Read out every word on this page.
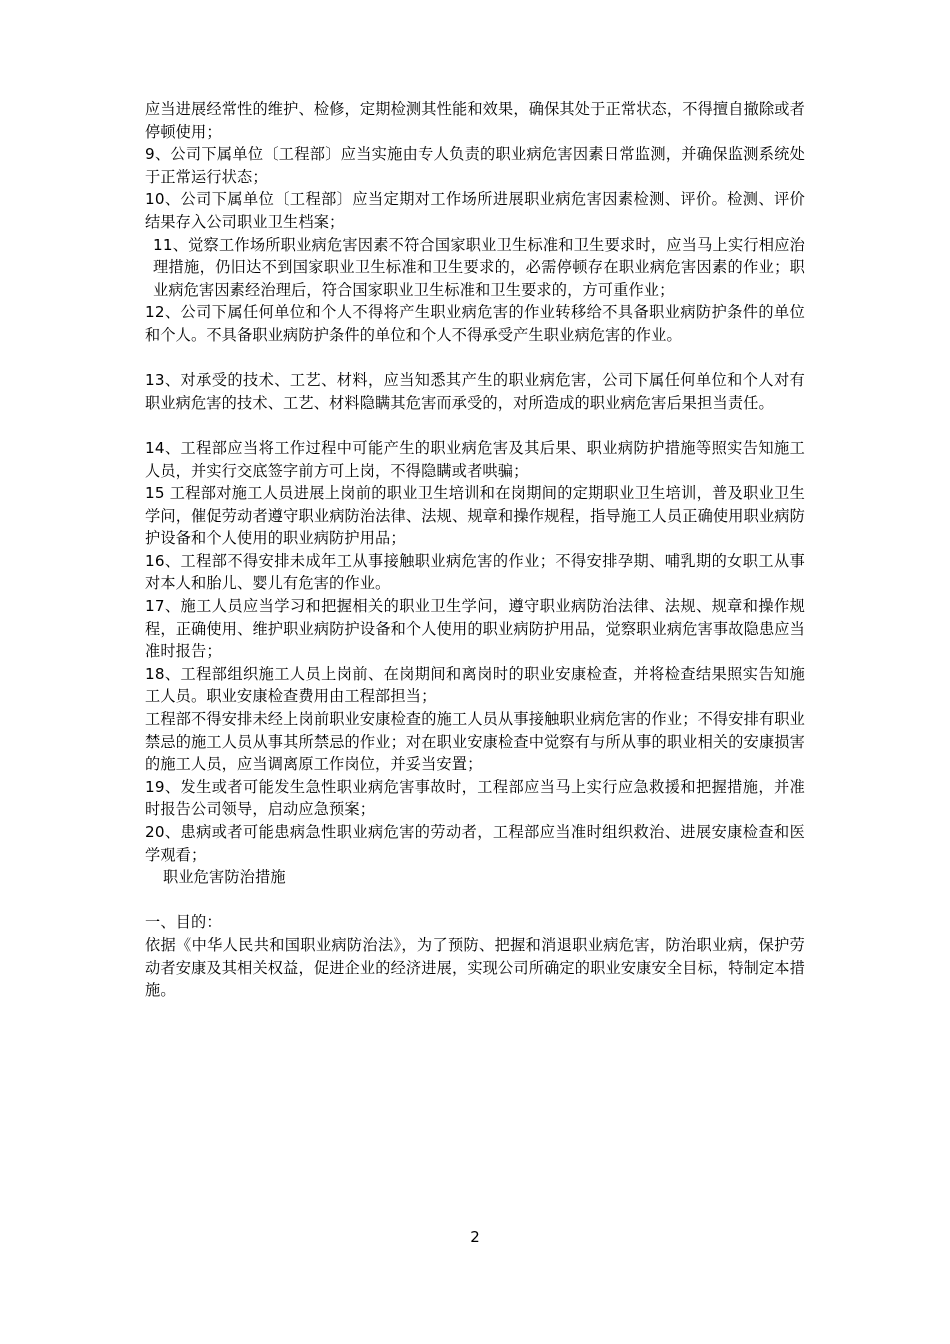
应当进展经常性的维护、检修，定期检测其性能和效果，确保其处于正常状态，不得擅自撤除或者停顿使用；
9、公司下属单位〔工程部〕应当实施由专人负责的职业病危害因素日常监测，并确保监测系统处于正常运行状态；
10、公司下属单位〔工程部〕应当定期对工作场所进展职业病危害因素检测、评价。检测、评价结果存入公司职业卫生档案；
11、觉察工作场所职业病危害因素不符合国家职业卫生标准和卫生要求时，应当马上实行相应治理措施，仍旧达不到国家职业卫生标准和卫生要求的，必需停顿存在职业病危害因素的作业；职业病危害因素经治理后，符合国家职业卫生标准和卫生要求的，方可重作业；
12、公司下属任何单位和个人不得将产生职业病危害的作业转移给不具备职业病防护条件的单位和个人。不具备职业病防护条件的单位和个人不得承受产生职业病危害的作业。
13、对承受的技术、工艺、材料，应当知悉其产生的职业病危害，公司下属任何单位和个人对有职业病危害的技术、工艺、材料隐瞒其危害而承受的，对所造成的职业病危害后果担当责任。
14、工程部应当将工作过程中可能产生的职业病危害及其后果、职业病防护措施等照实告知施工人员，并实行交底签字前方可上岗，不得隐瞒或者哄骗；
15 工程部对施工人员进展上岗前的职业卫生培训和在岗期间的定期职业卫生培训，普及职业卫生学问，催促劳动者遵守职业病防治法律、法规、规章和操作规程，指导施工人员正确使用职业病防护设备和个人使用的职业病防护用品；
16、工程部不得安排未成年工从事接触职业病危害的作业；不得安排孕期、哺乳期的女职工从事对本人和胎儿、婴儿有危害的作业。
17、施工人员应当学习和把握相关的职业卫生学问，遵守职业病防治法律、法规、规章和操作规程，正确使用、维护职业病防护设备和个人使用的职业病防护用品，觉察职业病危害事故隐患应当准时报告；
18、工程部组织施工人员上岗前、在岗期间和离岗时的职业安康检查，并将检查结果照实告知施工人员。职业安康检查费用由工程部担当；
工程部不得安排未经上岗前职业安康检查的施工人员从事接触职业病危害的作业；不得安排有职业禁忌的施工人员从事其所禁忌的作业；对在职业安康检查中觉察有与所从事的职业相关的安康损害的施工人员，应当调离原工作岗位，并妥当安置；
19、发生或者可能发生急性职业病危害事故时，工程部应当马上实行应急救援和把握措施，并准时报告公司领导，启动应急预案；
20、患病或者可能患病急性职业病危害的劳动者，工程部应当准时组织救治、进展安康检查和医学观看；
职业危害防治措施
一、目的：
依据《中华人民共和国职业病防治法》，为了预防、把握和消退职业病危害，防治职业病，保护劳动者安康及其相关权益，促进企业的经济进展，实现公司所确定的职业安康安全目标，特制定本措施。
2
